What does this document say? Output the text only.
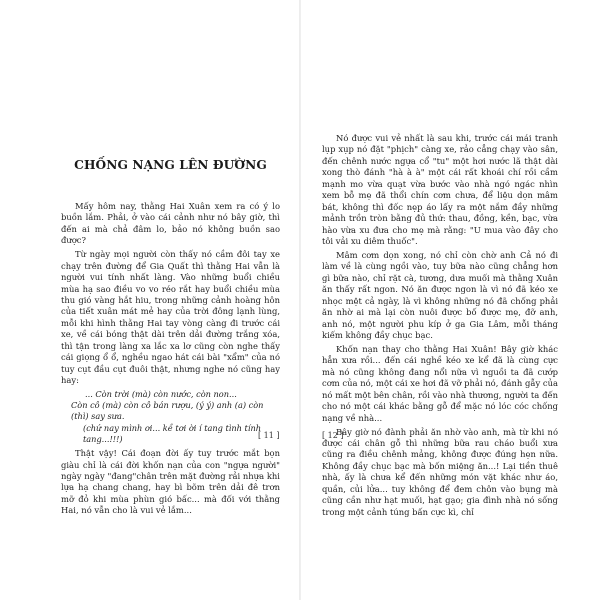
CHỐNG NẠNG LÊN ĐƯỜNG

Mấy hôm nay, thằng Hai Xuân xem ra có ý lo buồn lắm. Phải, ở vào cái cảnh như nó bây giờ, thì đến ai mà chả đâm lo, bảo nó không buồn sao được?

Từ ngày mọi người còn thấy nó cầm đôi tay xe chạy trên đường để Gia Quất thì thằng Hai vẫn là người vui tính nhất làng. Vào những buổi chiều mùa hạ sao điều vo vo réo rắt hay buổi chiều mùa thu gió vàng hắt hiu, trong những cảnh hoàng hôn của tiết xuân mát mẻ hay của trời đông lạnh lùng, mỗi khi hình thằng Hai tay vòng càng đi trước cái xe, về cái bóng thật dài trên dải đường trắng xóa, thì tận trong làng xa lắc xa lơ cũng còn nghe thấy cái giọng ổ ổ, nghều ngao hát cái bài "xẩm" của nó tuy cụt đầu cụt đuôi thật, nhưng nghe nó cũng hay hay:

... Còn trời (mà) còn nước, còn non...
Còn cô (mà) còn cô bán rượu, (ý ý) anh (a) còn (thì) say sưa.
(chứ nay mình ơi... kề tơi ời í tang tình tính tang...!!!)

Thật vậy! Cái đoạn đời ấy tuy trước mắt bọn giàu chỉ là cái đời khốn nạn của con "ngựa người" ngày ngày "đang"chân trên mặt đường rải nhựa khi lựa hạ chang chang, hay bì bõm trên dải đê trơn mỡ đỏ khi mùa phùn gió bấc... mà đối với thằng Hai, nó vẫn cho là vui vẻ lắm...

Nó được vui vẻ nhất là sau khi, trước cái mái tranh lụp xụp nó đặt "phịch" càng xe, rảo cẳng chạy vào sân, đến chênh nước ngựa cổ "tu" một hơi nước lã thật dài xong thò đánh "hà à à" một cái rất khoái chí rồi cầm mạnh mo vừa quạt vừa bước vào nhà ngó ngác nhìn xem bỗ mẹ đã thổi chín cơm chưa, để liệu dọn mâm bát, không thì đốc nẹp áo lấy ra một nắm đầy những mảnh trồn tròn bằng đủ thứ: thau, đồng, kền, bạc, vừa hào vừa xu đưa cho mẹ mà rằng: "U mua vào đây cho tôi vải xu diêm thuốc".

Mâm cơm dọn xong, nó chỉ còn chờ anh Cả nó đi làm về là cùng ngồi vào, tuy bữa nào cũng chẳng hơn gì bữa nào, chỉ rặt cà, tương, dưa muối mà thằng Xuân ăn thấy rất ngon. Nó ăn được ngon là vì nó đã kéo xe nhọc mệt cả ngày, là vì không những nó đã chống phải ăn nhờ ai mà lại còn nuôi được bố được mẹ, đỡ anh, anh nó, một người phu kíp ở ga Gia Lâm, mỗi tháng kiếm không đầy chục bạc.

Khốn nạn thay cho thằng Hai Xuân! Bây giờ khác hẳn xưa rồi... đến cái nghề kéo xe kể đã là cùng cực mà nó cũng không đang nổi nữa vì nguồi ta đã cướp cơm của nó, một cái xe hơi đã vỡ phải nó, đánh gẫy của nó mất một bên chân, rồi vào nhà thương, người ta đến cho nó một cái khác bằng gỗ để mặc nó lóc cóc chống nạng về nhà...

Bây giờ nó đành phải ăn nhờ vào anh, mà từ khi nó được cái chân gỗ thì những bữa rau cháo buổi xưa cũng ra điều chênh mảng, không được đúng hẹn nữa. Không đầy chục bạc mà bốn miệng ăn...! Lại tiền thuê nhà, ấy là chưa kể đến những món vặt khác như áo, quần, củi lửa... tuy không để đem chôn vào bụng mà cũng cần như hạt muối, hạt gạo; gia đình nhà nó sống trong một cảnh túng bấn cực kì, chỉ

[ 11 ]	[ 12 ]
